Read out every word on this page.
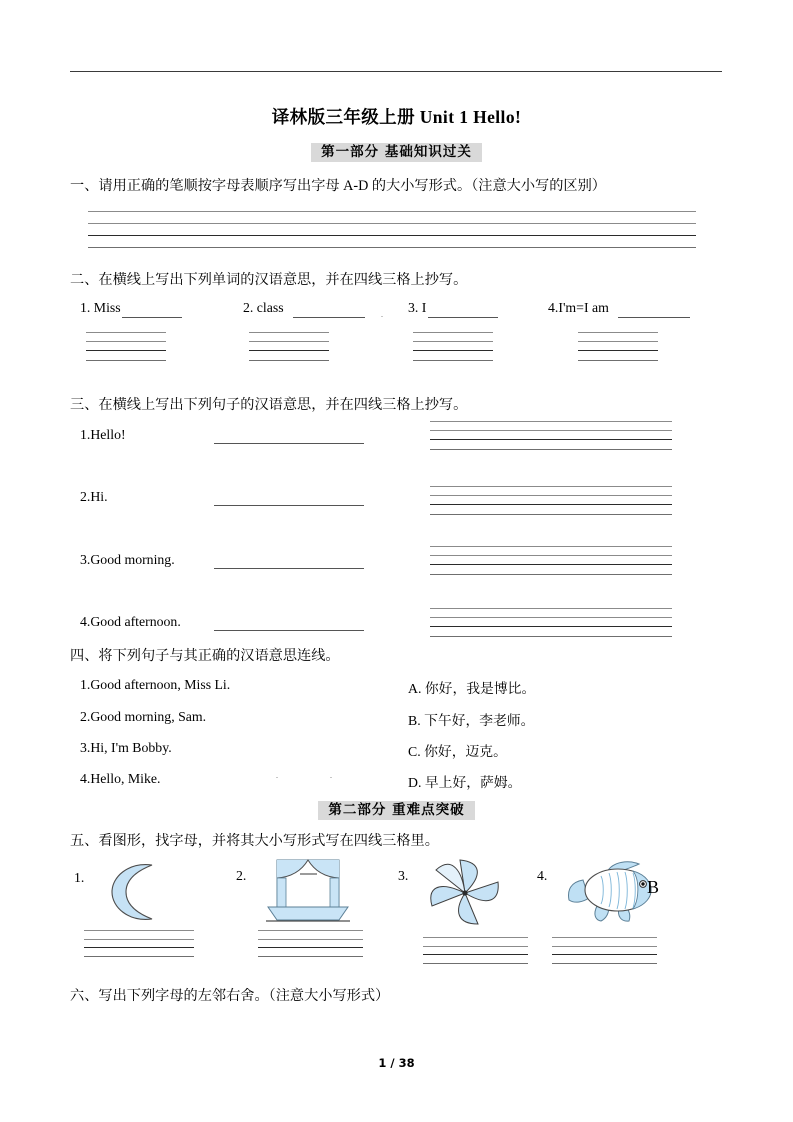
译林版三年级上册 Unit 1 Hello!
第一部分 基础知识过关
一、请用正确的笔顺按字母表顺序写出字母 A-D 的大小写形式。（注意大小写的区别）
二、在横线上写出下列单词的汉语意思，并在四线三格上抄写。
1. Miss	2. class	3. I	4.I'm=I am
.
三、在横线上写出下列句子的汉语意思，并在四线三格上抄写。
1.Hello!
2.Hi.
3.Good morning.
4.Good afternoon.
四、将下列句子与其正确的汉语意思连线。
1.Good afternoon, Miss Li.
2.Good morning, Sam.
3.Hi, I'm Bobby.
4.Hello, Mike.
A. 你好，我是博比。
B. 下午好，李老师。
C. 你好，迈克。
D. 早上好，萨姆。
.	.
第二部分 重难点突破
五、看图形，找字母，并将其大小写形式写在四线三格里。
1.	2.	3.	4.
B
六、写出下列字母的左邻右舍。（注意大小写形式）
1 / 38
